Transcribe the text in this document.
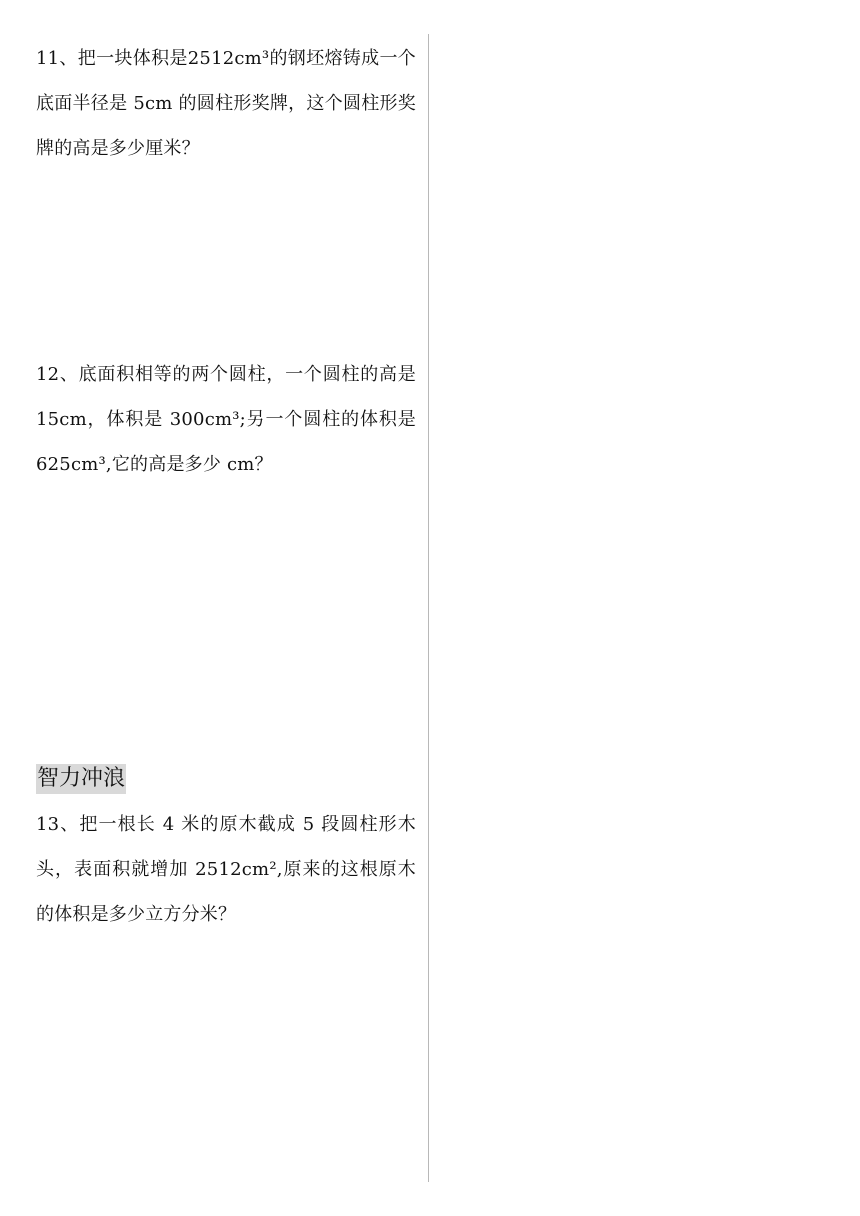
11、把一块体积是2512cm³的钢坯熔铸成一个底面半径是 5cm 的圆柱形奖牌，这个圆柱形奖牌的高是多少厘米？

12、底面积相等的两个圆柱，一个圆柱的高是 15cm，体积是 300cm³;另一个圆柱的体积是 625cm³,它的高是多少 cm？

智力冲浪

13、把一根长 4 米的原木截成 5 段圆柱形木头，表面积就增加 2512cm²,原来的这根原木的体积是多少立方分米？
